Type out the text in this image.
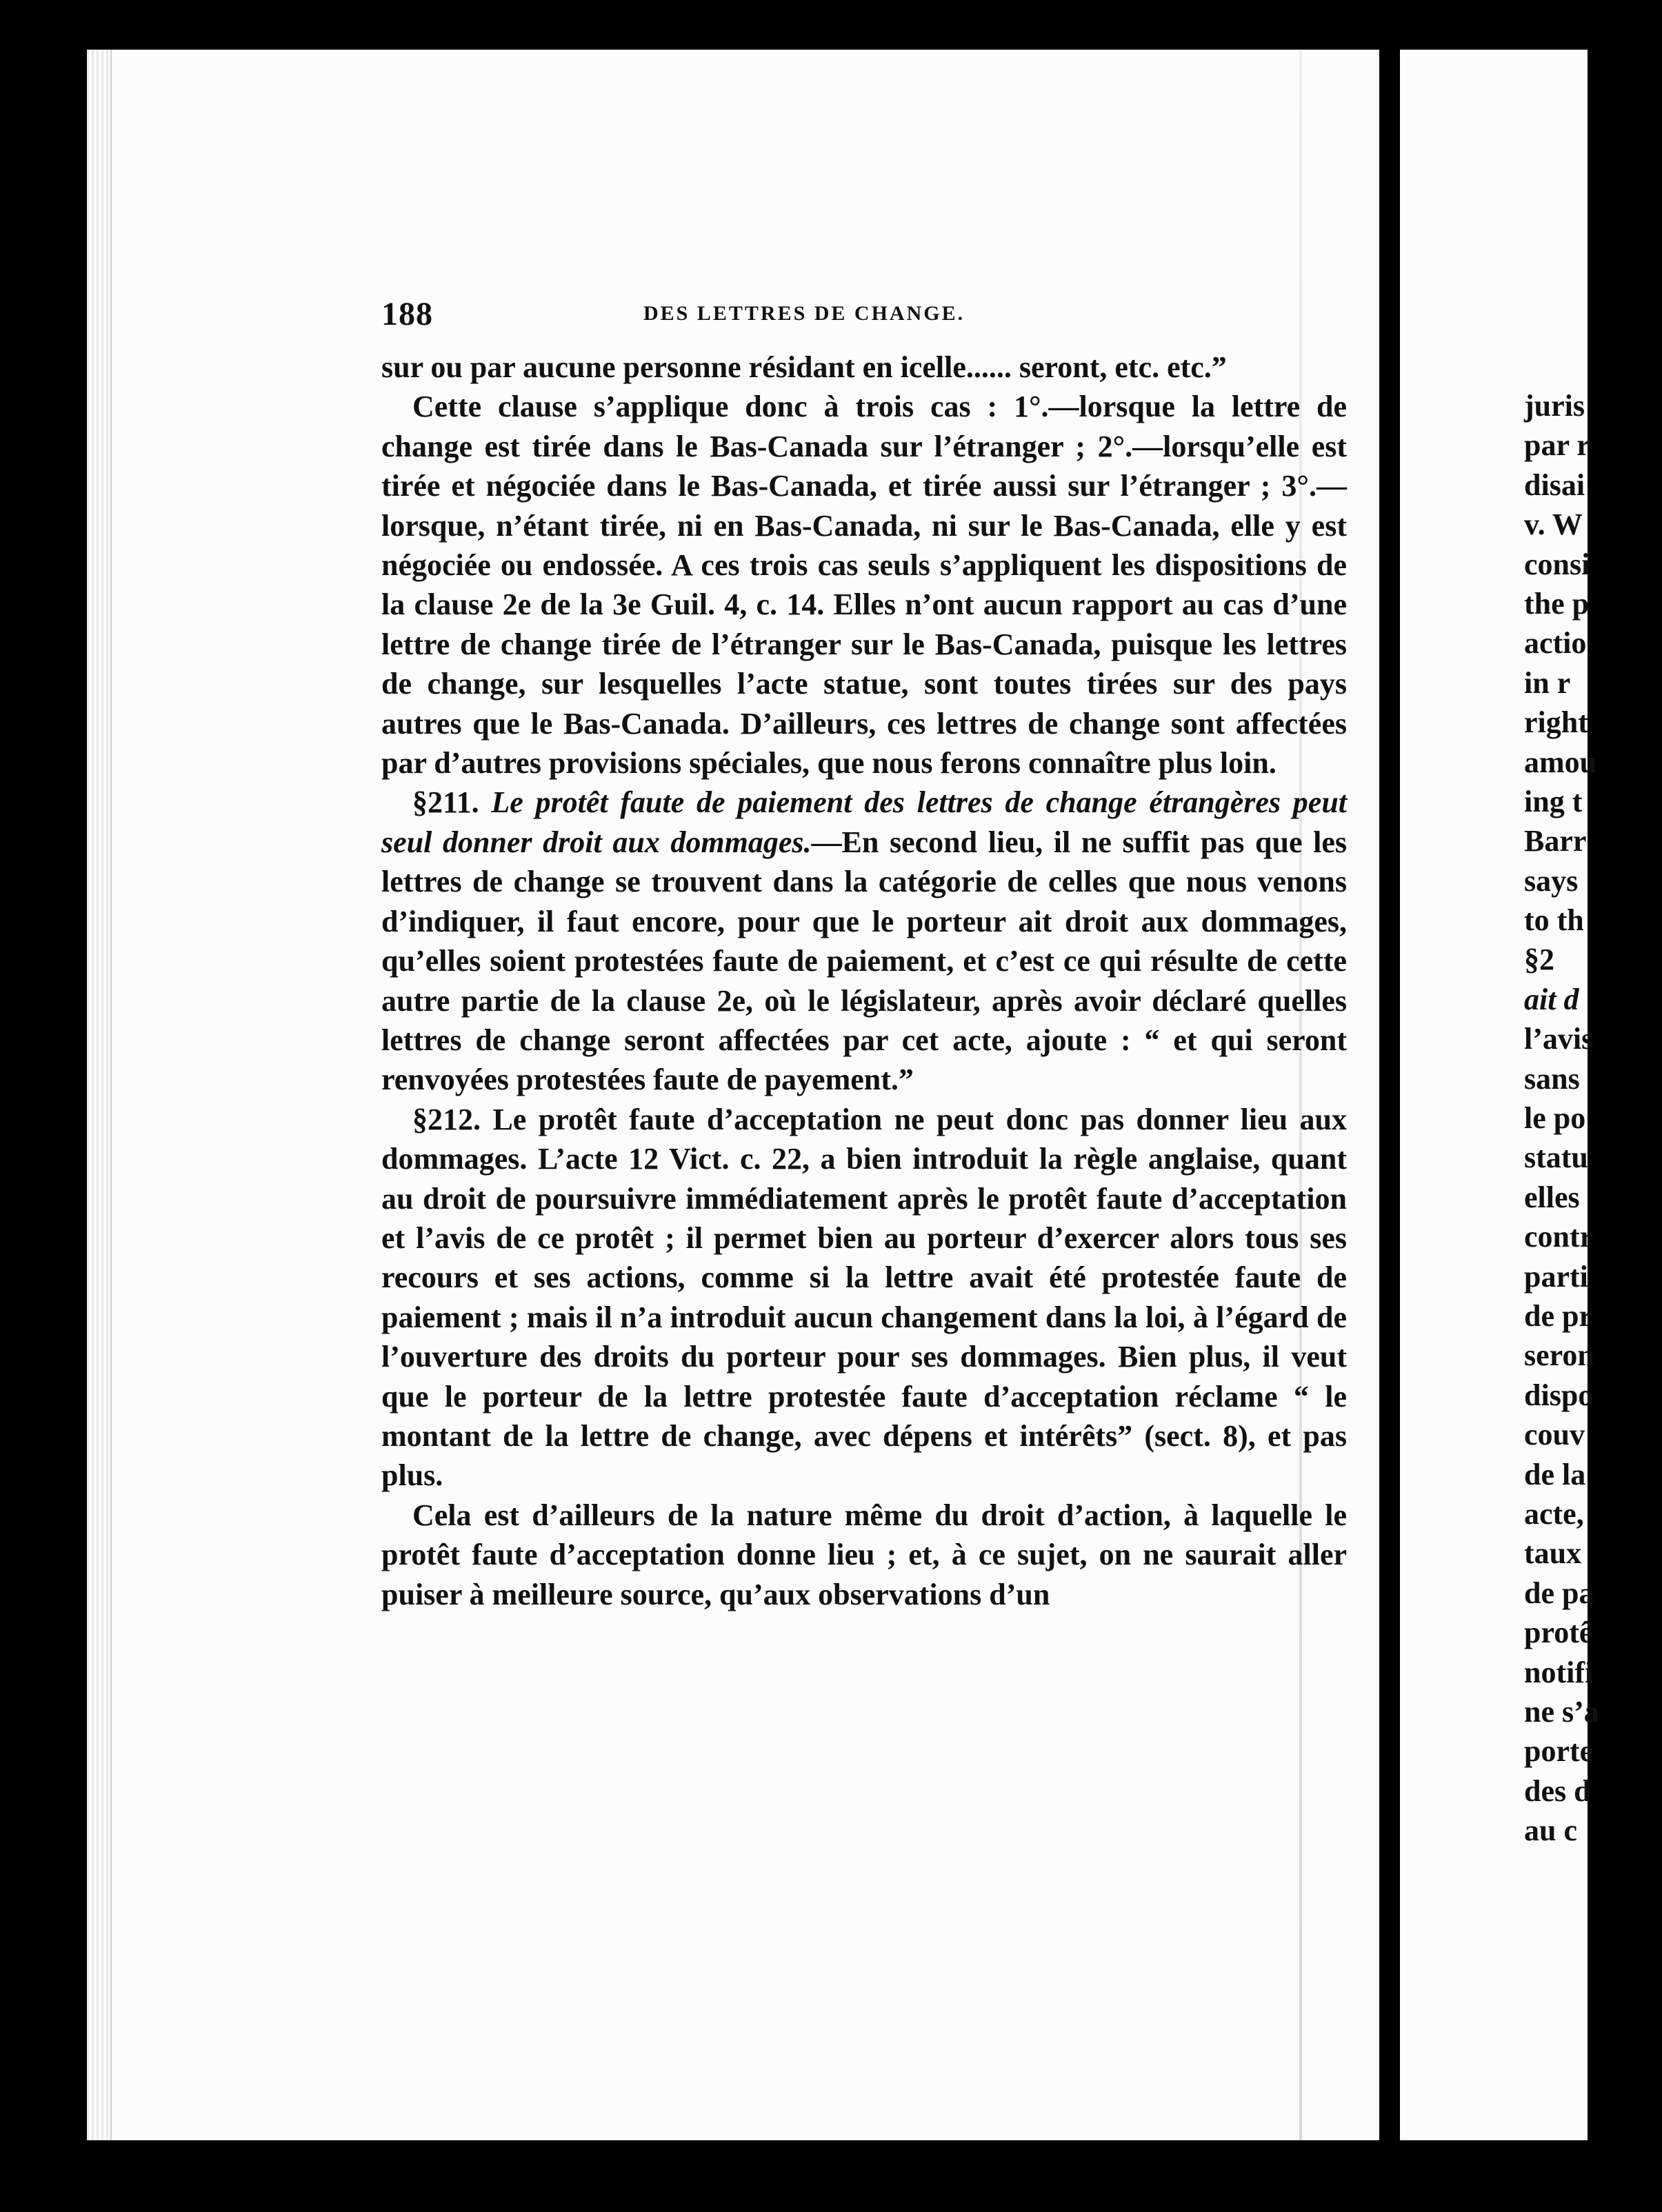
188	DES LETTRES DE CHANGE.

sur ou par aucune personne résidant en icelle...... seront, etc. etc.”

Cette clause s’applique donc à trois cas : 1°.—lorsque la lettre de change est tirée dans le Bas-Canada sur l’étranger ; 2°.—lorsqu’elle est tirée et négociée dans le Bas-Canada, et tirée aussi sur l’étranger ; 3°.—lorsque, n’étant tirée, ni en Bas-Canada, ni sur le Bas-Canada, elle y est négociée ou endossée. A ces trois cas seuls s’appliquent les dispositions de la clause 2e de la 3e Guil. 4, c. 14. Elles n’ont aucun rapport au cas d’une lettre de change tirée de l’étranger sur le Bas-Canada, puisque les lettres de change, sur lesquelles l’acte statue, sont toutes tirées sur des pays autres que le Bas-Canada. D’ailleurs, ces lettres de change sont affectées par d’autres provisions spéciales, que nous ferons connaître plus loin.

§211. Le protêt faute de paiement des lettres de change étrangères peut seul donner droit aux dommages.—En second lieu, il ne suffit pas que les lettres de change se trouvent dans la catégorie de celles que nous venons d’indiquer, il faut encore, pour que le porteur ait droit aux dommages, qu’elles soient protestées faute de paiement, et c’est ce qui résulte de cette autre partie de la clause 2e, où le législateur, après avoir déclaré quelles lettres de change seront affectées par cet acte, ajoute : “ et qui seront renvoyées protestées faute de payement.”

§212. Le protêt faute d’acceptation ne peut donc pas donner lieu aux dommages. L’acte 12 Vict. c. 22, a bien introduit la règle anglaise, quant au droit de poursuivre immédiatement après le protêt faute d’acceptation et l’avis de ce protêt ; il permet bien au porteur d’exercer alors tous ses recours et ses actions, comme si la lettre avait été protestée faute de paiement ; mais il n’a introduit aucun changement dans la loi, à l’égard de l’ouverture des droits du porteur pour ses dommages. Bien plus, il veut que le porteur de la lettre protestée faute d’acceptation réclame “ le montant de la lettre de change, avec dépens et intérêts” (sect. 8), et pas plus.

Cela est d’ailleurs de la nature même du droit d’action, à laquelle le protêt faute d’acceptation donne lieu ; et, à ce sujet, on ne saurait aller puiser à meilleure source, qu’aux observations d’un

juris
par r
disai
v. W
consi
the p
actio
in r
right
amou
ing t
Barr
says
to th
§2
ait d
l’avis
sans
le po
statu
elles
contr
parti
de pr
seron
dispo
couv
de la
acte,
taux
de pa
protê
notifi
ne s’a
porte
des d
au c
